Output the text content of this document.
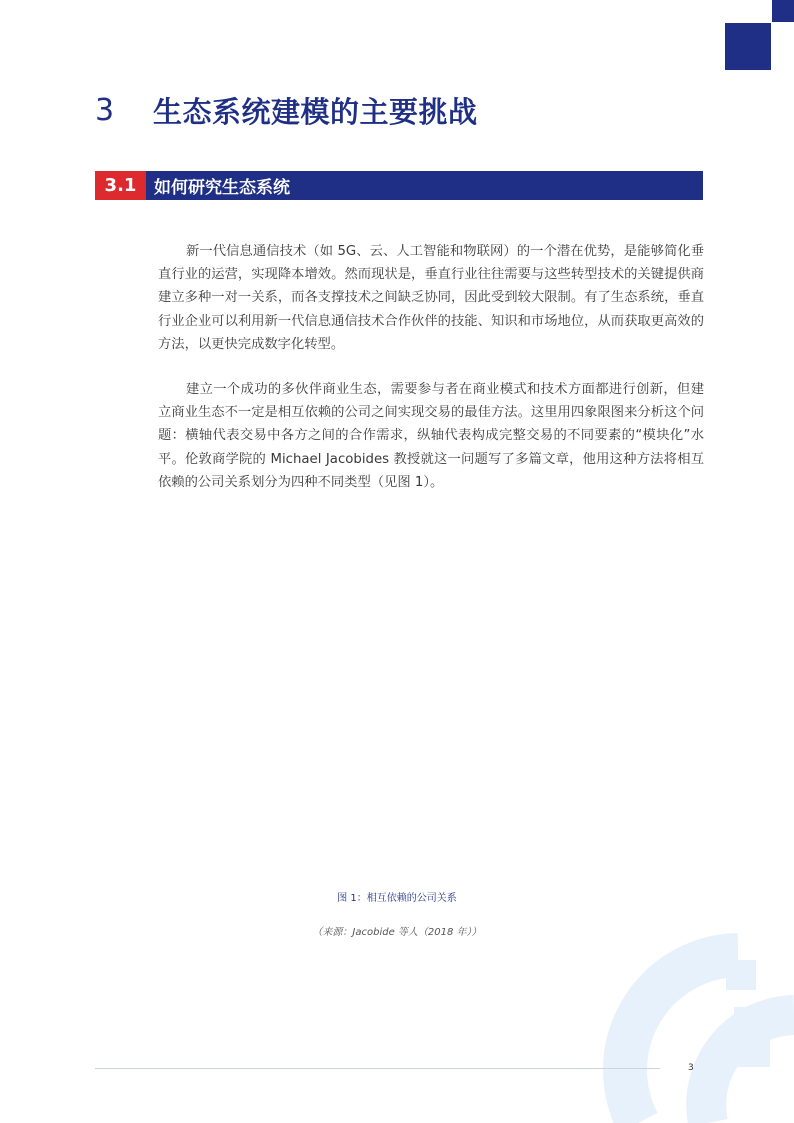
3	生态系统建模的主要挑战
3.1	如何研究生态系统

新一代信息通信技术（如 5G、云、人工智能和物联网）的一个潜在优势，是能够简化垂直行业的运营，实现降本增效。然而现状是，垂直行业往往需要与这些转型技术的关键提供商建立多种一对一关系，而各支撑技术之间缺乏协同，因此受到较大限制。有了生态系统，垂直行业企业可以利用新一代信息通信技术合作伙伴的技能、知识和市场地位，从而获取更高效的方法，以更快完成数字化转型。

建立一个成功的多伙伴商业生态，需要参与者在商业模式和技术方面都进行创新，但建立商业生态不一定是相互依赖的公司之间实现交易的最佳方法。这里用四象限图来分析这个问题：横轴代表交易中各方之间的合作需求，纵轴代表构成完整交易的不同要素的“模块化”水平。伦敦商学院的 Michael Jacobides 教授就这一问题写了多篇文章，他用这种方法将相互依赖的公司关系划分为四种不同类型（见图 1）。

图 1：相互依赖的公司关系
（来源：Jacobide 等人（2018 年））
3
